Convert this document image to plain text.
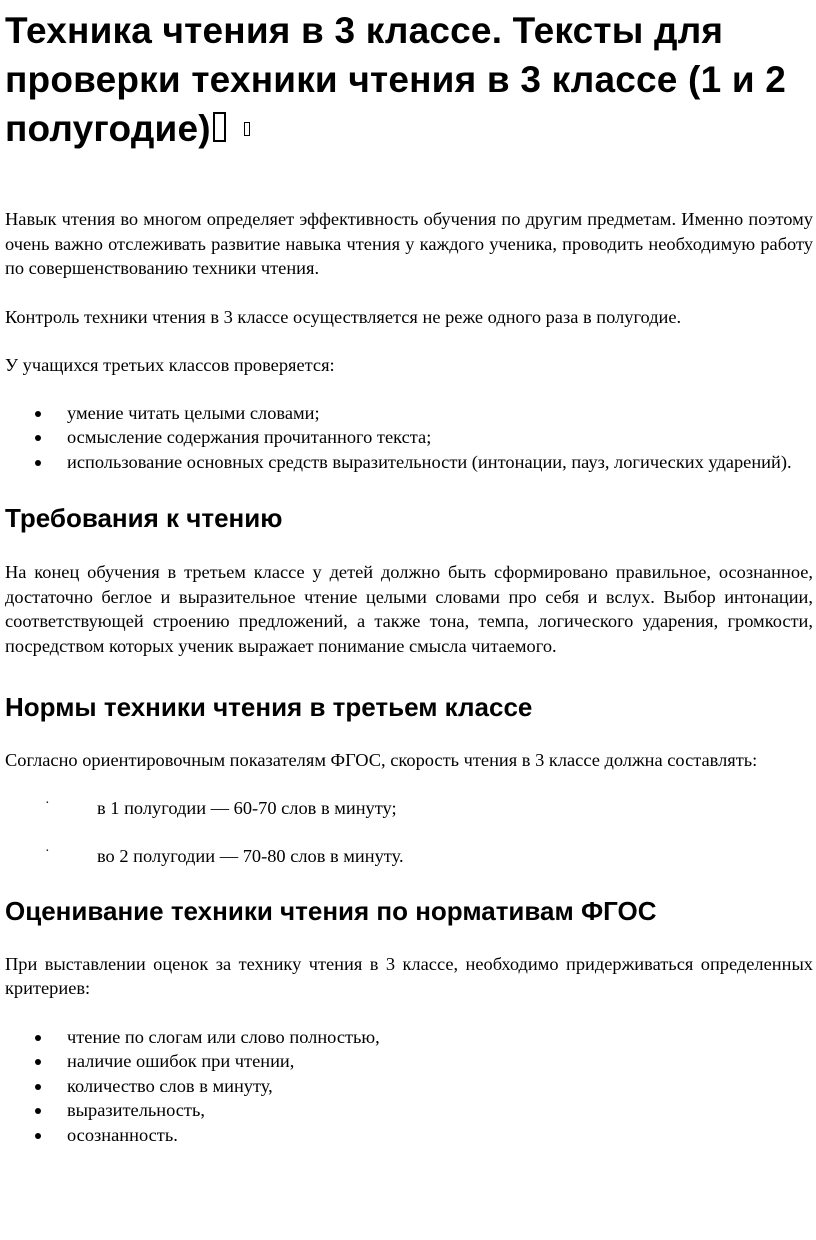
Техника чтения в 3 классе. Тексты для проверки техники чтения в 3 классе (1 и 2 полугодие)

Навык чтения во многом определяет эффективность обучения по другим предметам. Именно поэтому очень важно отслеживать развитие навыка чтения у каждого ученика, проводить необходимую работу по совершенствованию техники чтения.

Контроль техники чтения в 3 классе осуществляется не реже одного раза в полугодие.

У учащихся третьих классов проверяется:

умение читать целыми словами;
осмысление содержания прочитанного текста;
использование основных средств выразительности (интонации, пауз, логических ударений).
Требования к чтению

На конец обучения в третьем классе у детей должно быть сформировано правильное, осознанное, достаточно беглое и выразительное чтение целыми словами про себя и вслух. Выбор интонации, соответствующей строению предложений, а также тона, темпа, логического ударения, громкости, посредством которых ученик выражает понимание смысла читаемого.

Нормы техники чтения в третьем классе

Согласно ориентировочным показателям ФГОС, скорость чтения в 3 классе должна составлять:

·	в 1 полугодии — 60-70 слов в минуту;
·	во 2 полугодии — 70-80 слов в минуту.
Оценивание техники чтения по нормативам ФГОС

При выставлении оценок за технику чтения в 3 классе, необходимо придерживаться определенных критериев:

чтение по слогам или слово полностью,
наличие ошибок при чтении,
количество слов в минуту,
выразительность,
осознанность.
